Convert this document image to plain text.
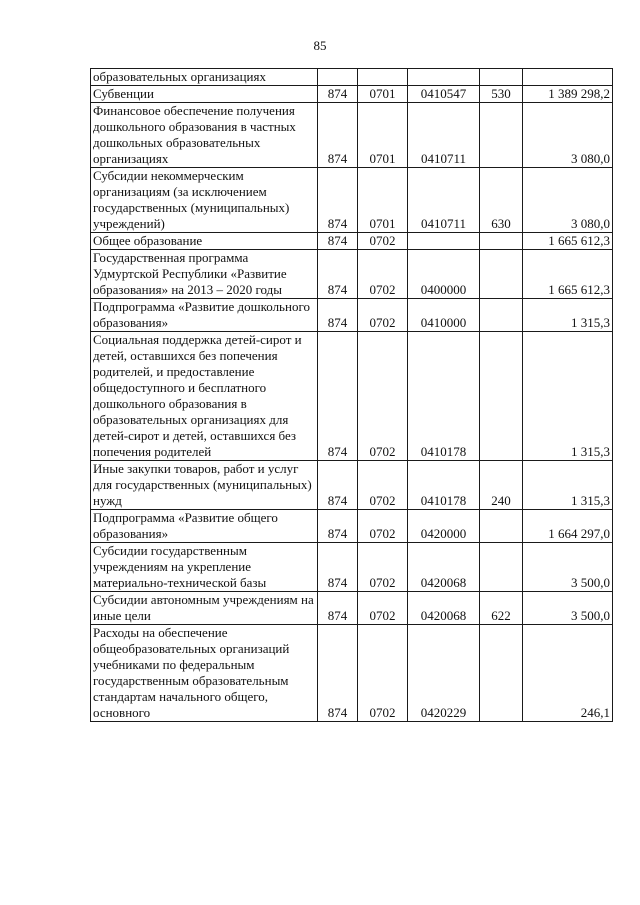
85
образовательных организациях					
Субвенции	874	0701	0410547	530	1 389 298,2
Финансовое обеспечение получения дошкольного образования в частных дошкольных образовательных организациях	874	0701	0410711		3 080,0
Субсидии некоммерческим организациям (за исключением государственных (муниципальных) учреждений)	874	0701	0410711	630	3 080,0
Общее образование	874	0702			1 665 612,3
Государственная программа Удмуртской Республики «Развитие образования» на 2013 – 2020 годы	874	0702	0400000		1 665 612,3
Подпрограмма «Развитие дошкольного образования»	874	0702	0410000		1 315,3
Социальная поддержка детей-сирот и детей, оставшихся без попечения родителей, и предоставление общедоступного и бесплатного дошкольного образования в образовательных организациях для детей-сирот и детей, оставшихся без попечения родителей	874	0702	0410178		1 315,3
Иные закупки товаров, работ и услуг для государственных (муниципальных) нужд	874	0702	0410178	240	1 315,3
Подпрограмма «Развитие общего образования»	874	0702	0420000		1 664 297,0
Субсидии государственным учреждениям на укрепление материально-технической базы	874	0702	0420068		3 500,0
Субсидии автономным учреждениям на иные цели	874	0702	0420068	622	3 500,0
Расходы на обеспечение общеобразовательных организаций учебниками по федеральным государственным образовательным стандартам начального общего, основного	874	0702	0420229		246,1
